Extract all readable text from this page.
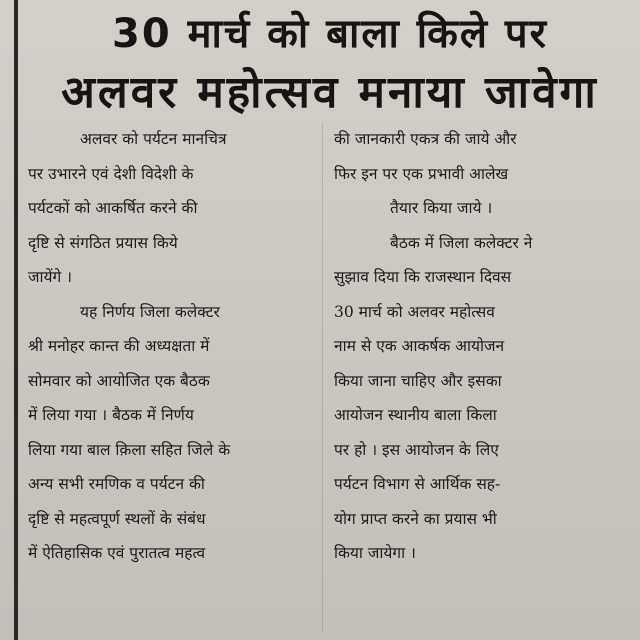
30 मार्च को बाला किले पर
अलवर महोत्सव मनाया जावेगा
अलवर को पर्यटन मानचित्र
पर उभारने एवं देशी विदेशी के
पर्यटकों को आकर्षित करने की
दृष्टि से संगठित प्रयास किये
जायेंगे ।
यह निर्णय जिला कलेक्टर
श्री मनोहर कान्त की अध्यक्षता में
सोमवार को आयोजित एक बैठक
में लिया गया । बैठक में निर्णय
लिया गया बाल क़िला सहित जिले के
अन्य सभी रमणिक व पर्यटन की
दृष्टि से महत्वपूर्ण स्थलों के संबंध
में ऐतिहासिक एवं पुरातत्व महत्व
की जानकारी एकत्र की जाये और
फिर इन पर एक प्रभावी आलेख
तैयार किया जाये ।
बैठक में जिला कलेक्टर ने
सुझाव दिया कि राजस्थान दिवस
30 मार्च को अलवर महोत्सव
नाम से एक आकर्षक आयोजन
किया जाना चाहिए और इसका
आयोजन स्थानीय बाला किला
पर हो । इस आयोजन के लिए
पर्यटन विभाग से आर्थिक सह-
योग प्राप्त करने का प्रयास भी
किया जायेगा ।
